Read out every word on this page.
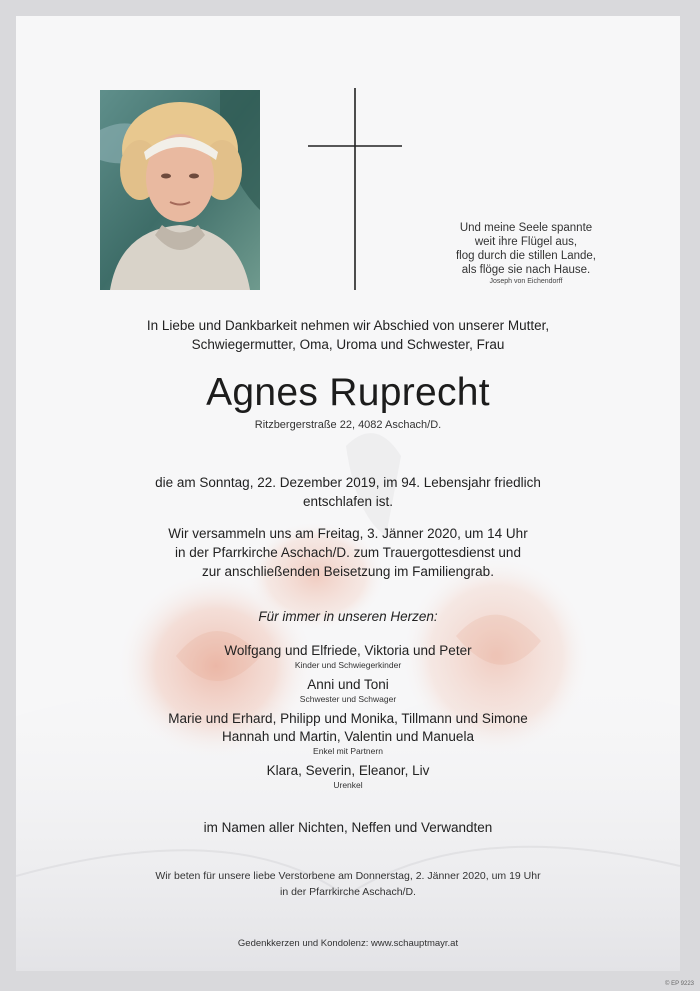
Und meine Seele spannte
weit ihre Flügel aus,
flog durch die stillen Lande,
als flöge sie nach Hause.
Joseph von Eichendorff
In Liebe und Dankbarkeit nehmen wir Abschied von unserer Mutter,
Schwiegermutter, Oma, Uroma und Schwester, Frau
Agnes Ruprecht
Ritzbergerstraße 22, 4082 Aschach/D.
die am Sonntag, 22. Dezember 2019, im 94. Lebensjahr friedlich
entschlafen ist.
Wir versammeln uns am Freitag, 3. Jänner 2020, um 14 Uhr
in der Pfarrkirche Aschach/D. zum Trauergottesdienst und
zur anschließenden Beisetzung im Familiengrab.
Für immer in unseren Herzen:
Wolfgang und Elfriede, Viktoria und Peter
Kinder und Schwiegerkinder
Anni und Toni
Schwester und Schwager
Marie und Erhard, Philipp und Monika, Tillmann und Simone
Hannah und Martin, Valentin und Manuela
Enkel mit Partnern
Klara, Severin, Eleanor, Liv
Urenkel
im Namen aller Nichten, Neffen und Verwandten
Wir beten für unsere liebe Verstorbene am Donnerstag, 2. Jänner 2020, um 19 Uhr
in der Pfarrkirche Aschach/D.
Gedenkkerzen und Kondolenz: www.schauptmayr.at
© EP 9223
